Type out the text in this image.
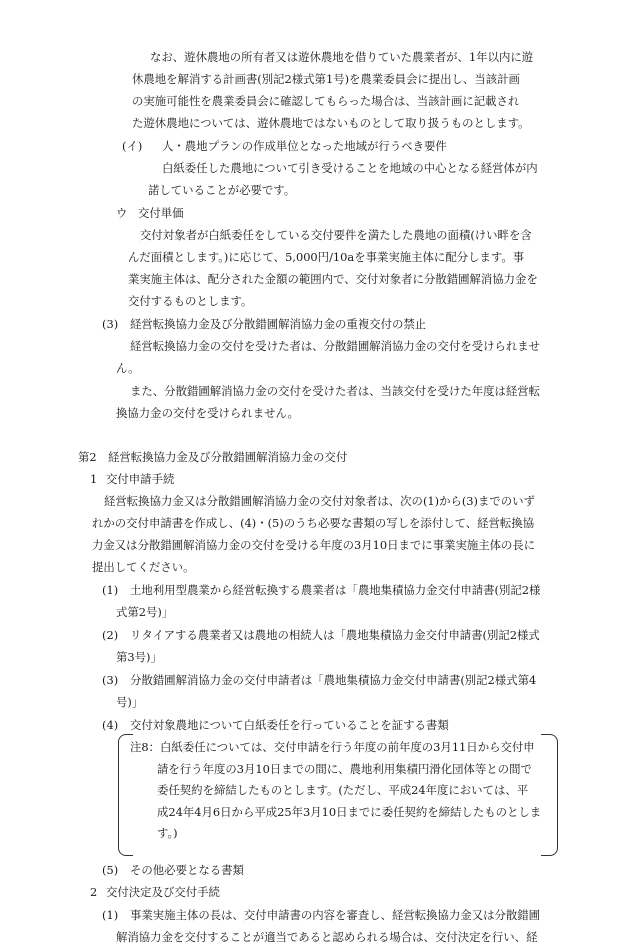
なお、遊休農地の所有者又は遊休農地を借りていた農業者が、1年以内に遊
休農地を解消する計画書(別記2様式第1号)を農業委員会に提出し、当該計画
の実施可能性を農業委員会に確認してもらった場合は、当該計画に記載され
た遊休農地については、遊休農地ではないものとして取り扱うものとします。
(イ) 人・農地プランの作成単位となった地域が行うべき要件
白紙委任した農地について引き受けることを地域の中心となる経営体が内
諾していることが必要です。
ウ 交付単価
交付対象者が白紙委任をしている交付要件を満たした農地の面積(けい畔を含
んだ面積とします。)に応じて、5,000円/10aを事業実施主体に配分します。事
業実施主体は、配分された金額の範囲内で、交付対象者に分散錯圃解消協力金を
交付するものとします。
(3) 経営転換協力金及び分散錯圃解消協力金の重複交付の禁止
経営転換協力金の交付を受けた者は、分散錯圃解消協力金の交付を受けられませ
ん。
また、分散錯圃解消協力金の交付を受けた者は、当該交付を受けた年度は経営転
換協力金の交付を受けられません。
第2　経営転換協力金及び分散錯圃解消協力金の交付
1 交付申請手続
経営転換協力金又は分散錯圃解消協力金の交付対象者は、次の(1)から(3)までのいず
れかの交付申請書を作成し、(4)・(5)のうち必要な書類の写しを添付して、経営転換協
力金又は分散錯圃解消協力金の交付を受ける年度の3月10日までに事業実施主体の長に
提出してください。
(1) 土地利用型農業から経営転換する農業者は「農地集積協力金交付申請書(別記2様
式第2号)」
(2) リタイアする農業者又は農地の相続人は「農地集積協力金交付申請書(別記2様式
第3号)」
(3) 分散錯圃解消協力金の交付申請者は「農地集積協力金交付申請書(別記2様式第4
号)」
(4) 交付対象農地について白紙委任を行っていることを証する書類
注8：白紙委任については、交付申請を行う年度の前年度の3月11日から交付申
請を行う年度の3月10日までの間に、農地利用集積円滑化団体等との間で
委任契約を締結したものとします。(ただし、平成24年度においては、平
成24年4月6日から平成25年3月10日までに委任契約を締結したものとしま
す。)
(5) その他必要となる書類
2 交付決定及び交付手続
(1) 事業実施主体の長は、交付申請書の内容を審査し、経営転換協力金又は分散錯圃
解消協力金を交付することが適当であると認められる場合は、交付決定を行い、経
